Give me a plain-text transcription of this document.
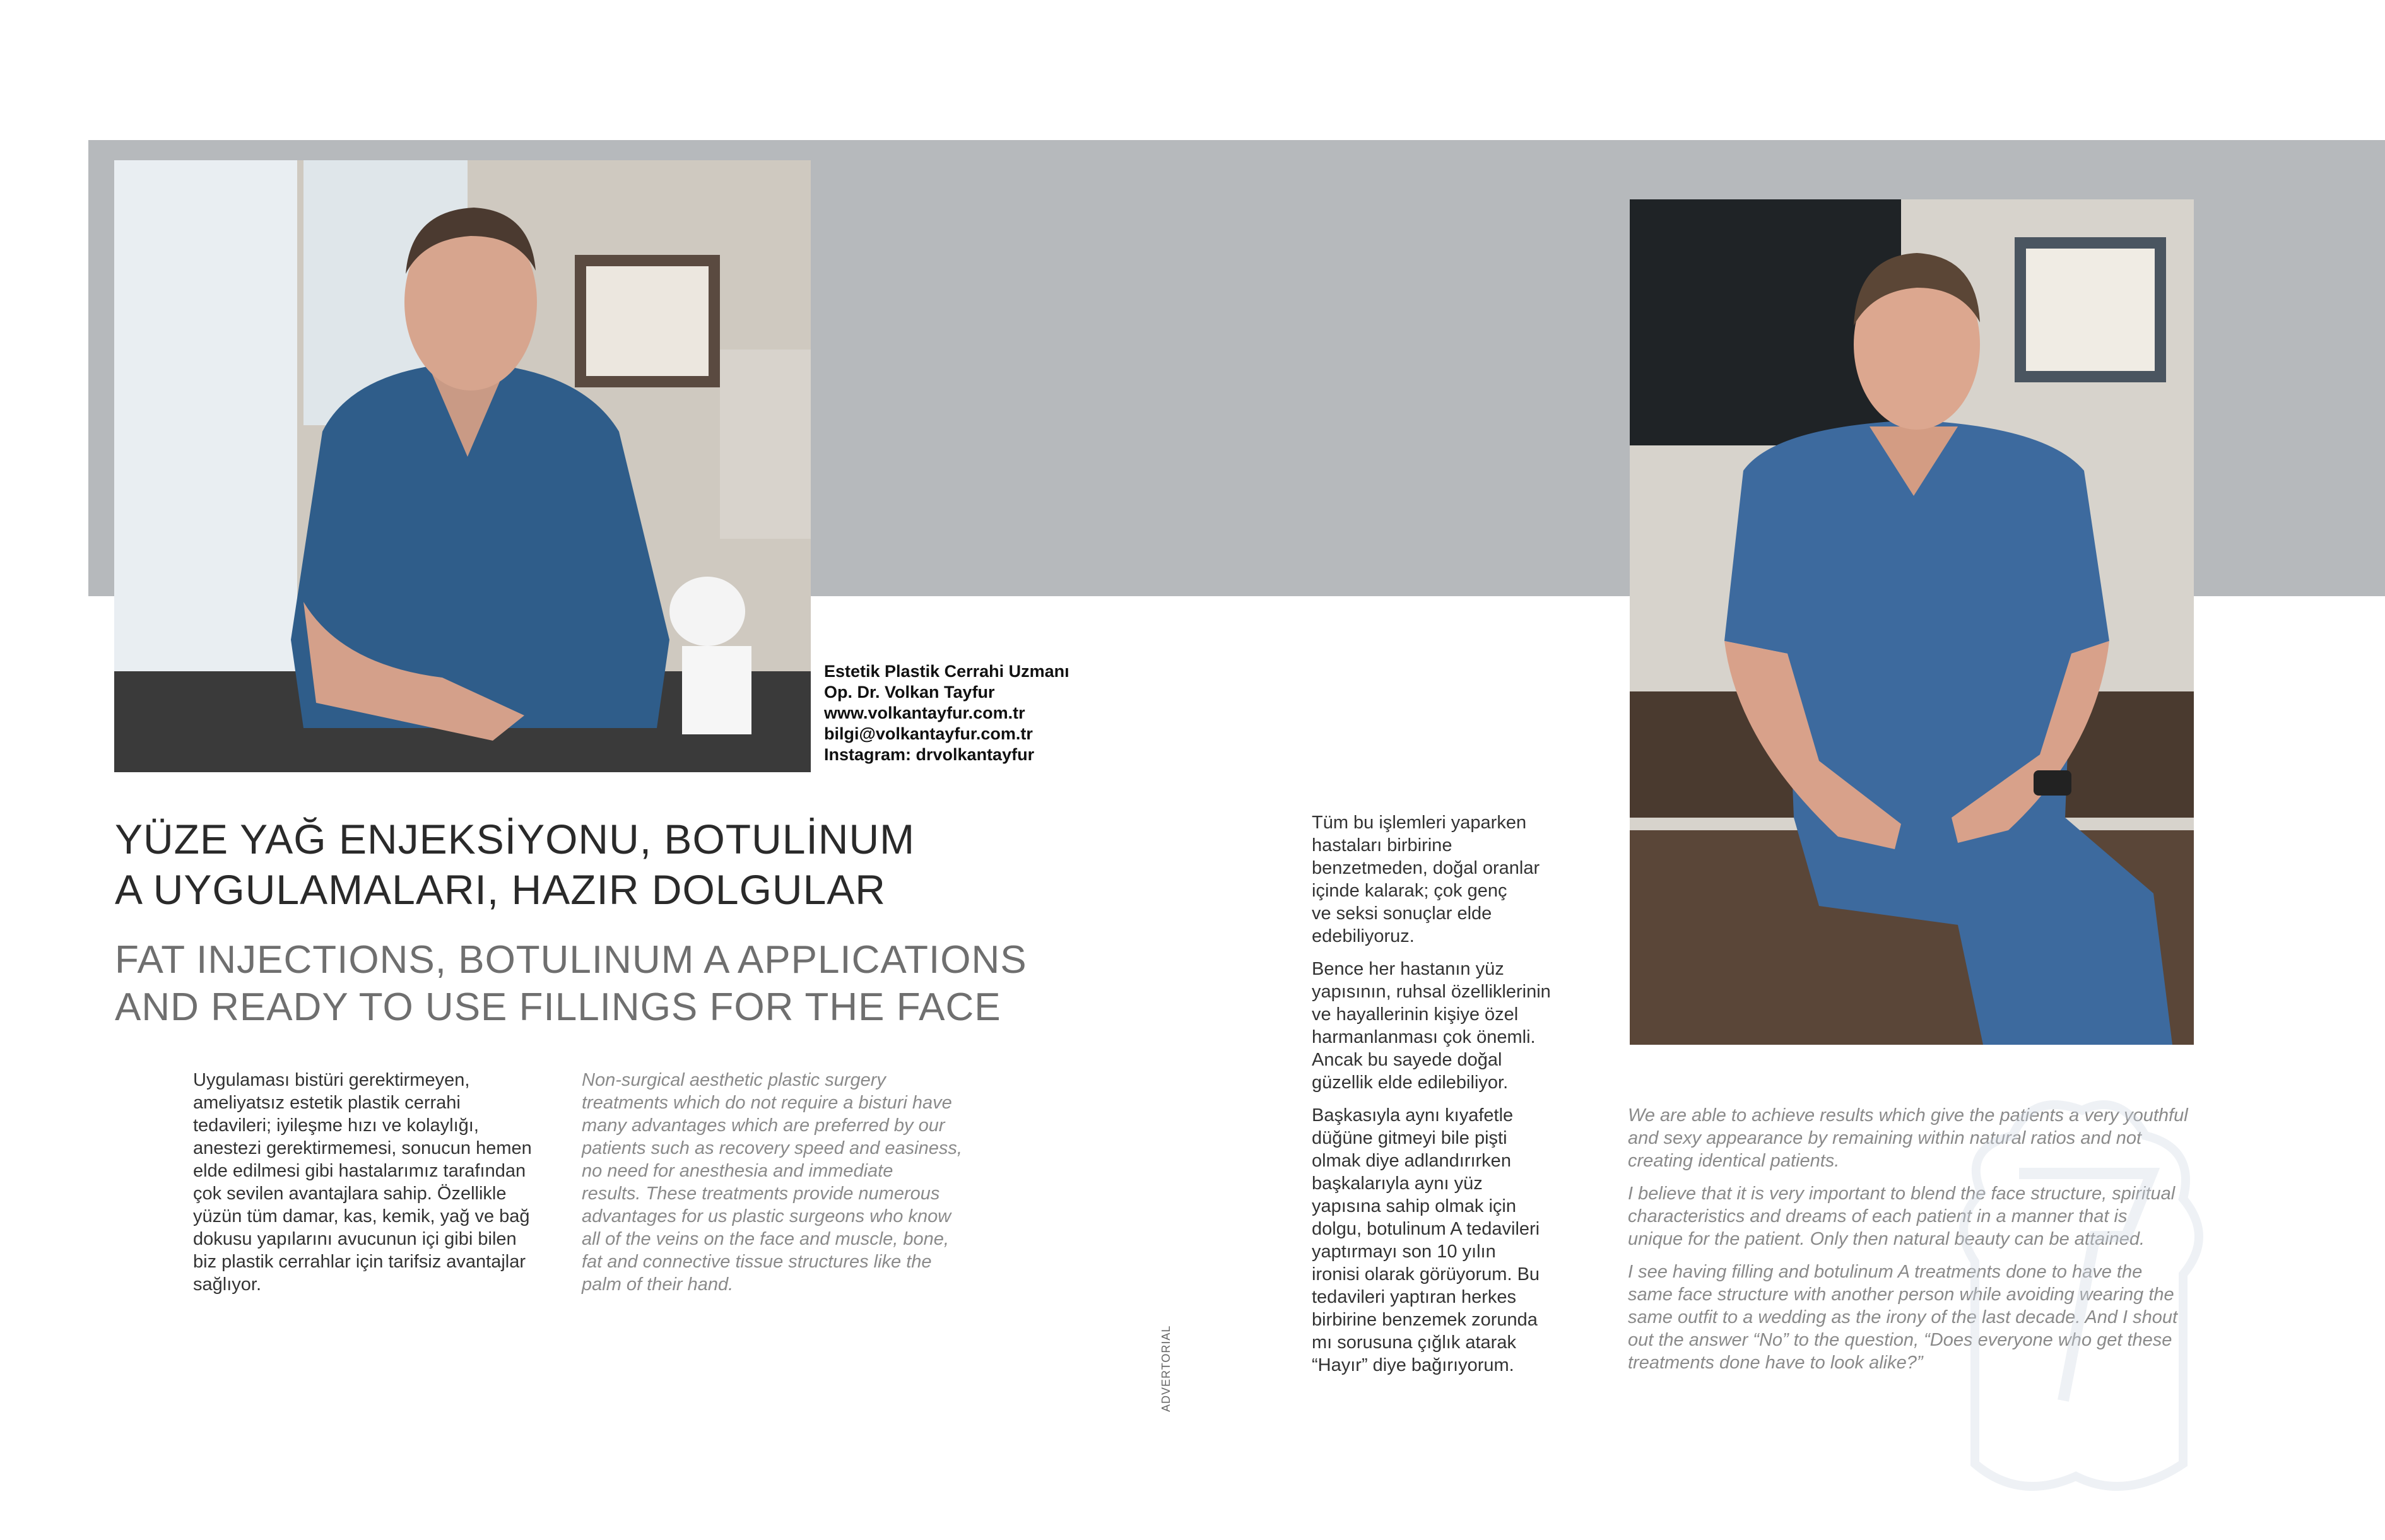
Estetik Plastik Cerrahi Uzmanı
Op. Dr. Volkan Tayfur
www.volkantayfur.com.tr
bilgi@volkantayfur.com.tr
Instagram: drvolkantayfur
YÜZE YAĞ ENJEKSİYONU, BOTULİNUM
A UYGULAMALARI, HAZIR DOLGULAR
FAT INJECTIONS, BOTULINUM A APPLICATIONS
AND READY TO USE FILLINGS FOR THE FACE
Uygulaması bistüri gerektirmeyen,
ameliyatsız estetik plastik cerrahi
tedavileri; iyileşme hızı ve kolaylığı,
anestezi gerektirmemesi, sonucun hemen
elde edilmesi gibi hastalarımız tarafından
çok sevilen avantajlara sahip. Özellikle
yüzün tüm damar, kas, kemik, yağ ve bağ
dokusu yapılarını avucunun içi gibi bilen
biz plastik cerrahlar için tarifsiz avantajlar
sağlıyor.
Non-surgical aesthetic plastic surgery
treatments which do not require a bisturi have
many advantages which are preferred by our
patients such as recovery speed and easiness,
no need for anesthesia and immediate
results. These treatments provide numerous
advantages for us plastic surgeons who know
all of the veins on the face and muscle, bone,
fat and connective tissue structures like the
palm of their hand.
ADVERTORIAL
Tüm bu işlemleri yaparken
hastaları birbirine
benzetmeden, doğal oranlar
içinde kalarak; çok genç
ve seksi sonuçlar elde
edebiliyoruz.
Bence her hastanın yüz
yapısının, ruhsal özelliklerinin
ve hayallerinin kişiye özel
harmanlanması çok önemli.
Ancak bu sayede doğal
güzellik elde edilebiliyor.
Başkasıyla aynı kıyafetle
düğüne gitmeyi bile pişti
olmak diye adlandırırken
başkalarıyla aynı yüz
yapısına sahip olmak için
dolgu, botulinum A tedavileri
yaptırmayı son 10 yılın
ironisi olarak görüyorum. Bu
tedavileri yaptıran herkes
birbirine benzemek zorunda
mı sorusuna çığlık atarak
“Hayır” diye bağırıyorum.
We are able to achieve results which give the patients a very youthful
and sexy appearance by remaining within natural ratios and not
creating identical patients.
I believe that it is very important to blend the face structure, spiritual
characteristics and dreams of each patient in a manner that is
unique for the patient. Only then natural beauty can be attained.
I see having filling and botulinum A treatments done to have the
same face structure with another person while avoiding wearing the
same outfit to a wedding as the irony of the last decade. And I shout
out the answer “No” to the question, “Does everyone who get these
treatments done have to look alike?”
